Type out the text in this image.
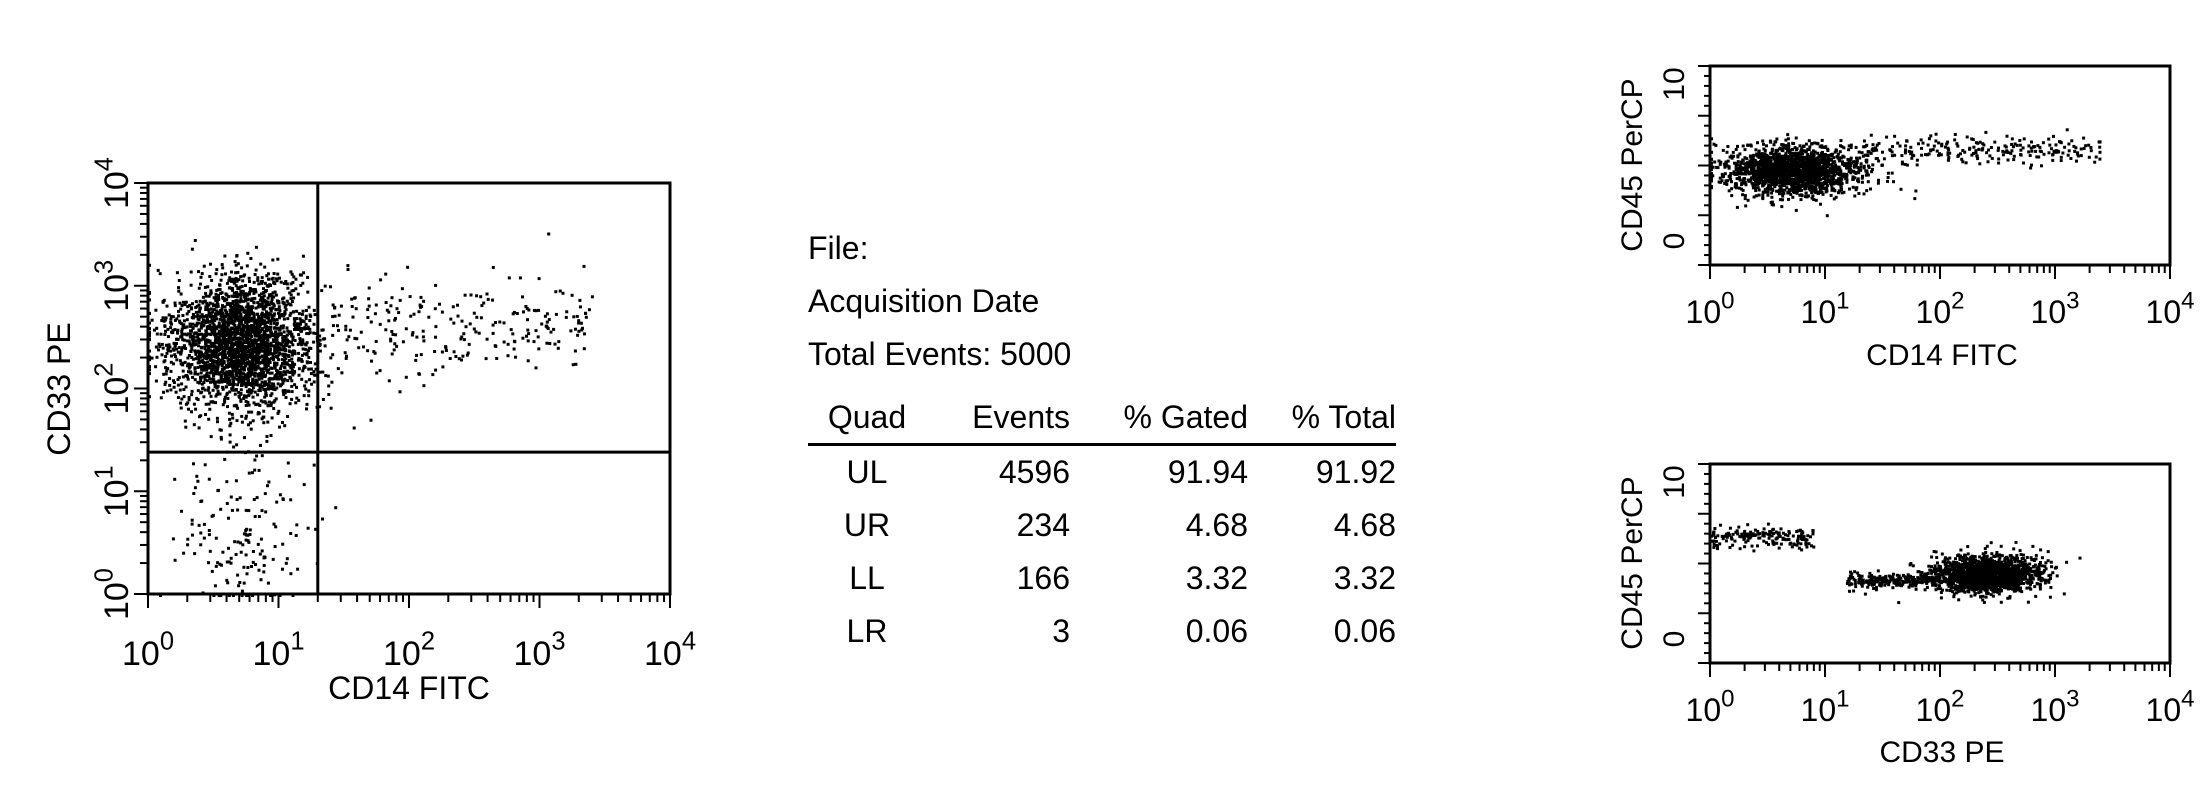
$10^0$ $10^1$ $10^2$ $10^3$ $10^4$
$10^0$
$10^1$
$10^2$
$10^3$
$10^4$
CD14 FITC
CD33 PE
File:
Acquisition Date
Total Events: 5000
Quad	Events	% Gated	% Total
UL	4596	91.94	91.92
UR	234	4.68	4.68
LL	166	3.32	3.32
LR	3	0.06	0.06
$10^0$ $10^1$ $10^2$ $10^3$ $10^4$
0
10
CD14 FITC
CD45 PerCP
$10^0$ $10^1$ $10^2$ $10^3$ $10^4$
0
10
CD33 PE
CD45 PerCP
